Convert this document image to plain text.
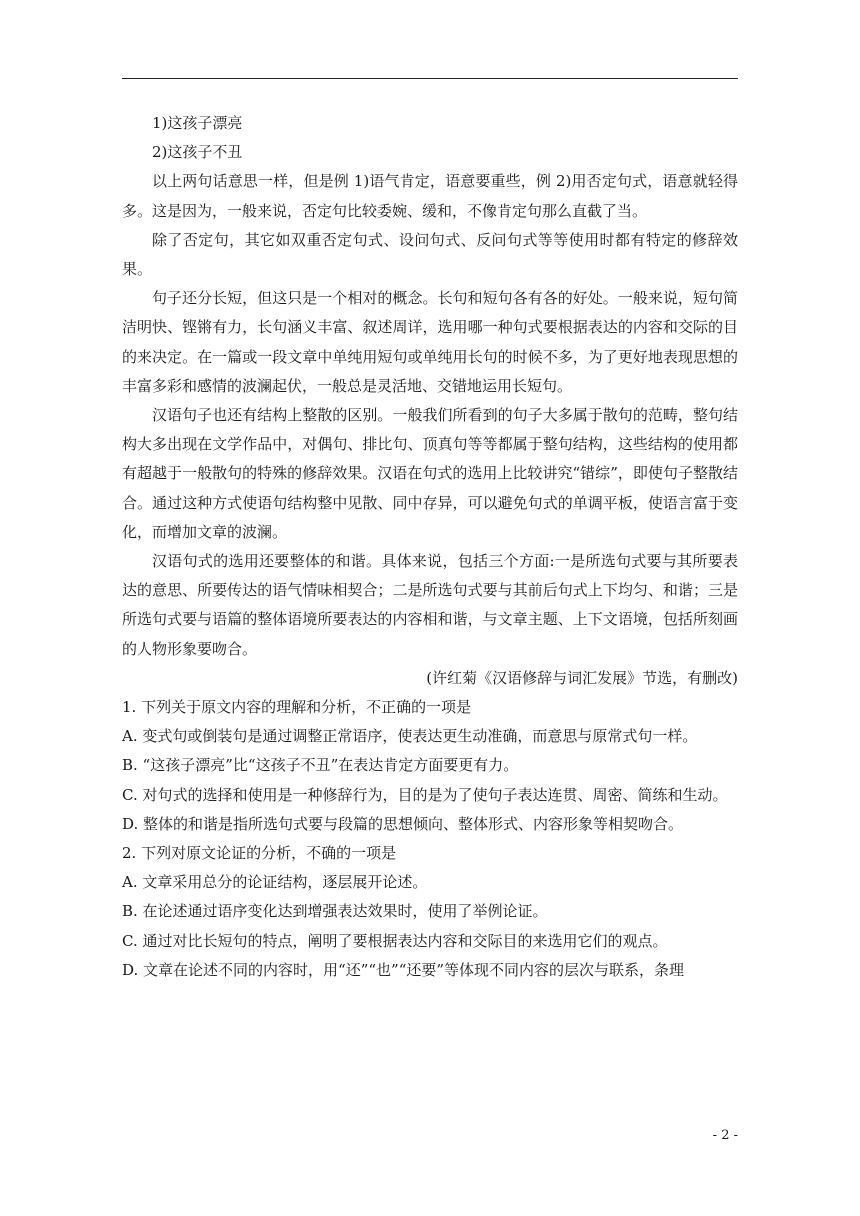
1)这孩子漂亮

2)这孩子不丑

以上两句话意思一样，但是例 1)语气肯定，语意要重些，例 2)用否定句式，语意就轻得多。这是因为，一般来说，否定句比较委婉、缓和，不像肯定句那么直截了当。

除了否定句，其它如双重否定句式、设问句式、反问句式等等使用时都有特定的修辞效果。

句子还分长短，但这只是一个相对的概念。长句和短句各有各的好处。一般来说，短句简洁明快、铿锵有力，长句涵义丰富、叙述周详，选用哪一种句式要根据表达的内容和交际的目的来决定。在一篇或一段文章中单纯用短句或单纯用长句的时候不多，为了更好地表现思想的丰富多彩和感情的波澜起伏，一般总是灵活地、交错地运用长短句。

汉语句子也还有结构上整散的区别。一般我们所看到的句子大多属于散句的范畴，整句结构大多出现在文学作品中，对偶句、排比句、顶真句等等都属于整句结构，这些结构的使用都有超越于一般散句的特殊的修辞效果。汉语在句式的选用上比较讲究“错综”，即使句子整散结合。通过这种方式使语句结构整中见散、同中存异，可以避免句式的单调平板，使语言富于变化，而增加文章的波澜。

汉语句式的选用还要整体的和谐。具体来说，包括三个方面:一是所选句式要与其所要表达的意思、所要传达的语气情味相契合；二是所选句式要与其前后句式上下均匀、和谐；三是所选句式要与语篇的整体语境所要表达的内容相和谐，与文章主题、上下文语境，包括所刻画的人物形象要吻合。

(许红菊《汉语修辞与词汇发展》节选，有删改)

1. 下列关于原文内容的理解和分析，不正确的一项是

A. 变式句或倒装句是通过调整正常语序，使表达更生动准确，而意思与原常式句一样。

B. “这孩子漂亮”比“这孩子不丑”在表达肯定方面要更有力。

C. 对句式的选择和使用是一种修辞行为，目的是为了使句子表达连贯、周密、简练和生动。

D. 整体的和谐是指所选句式要与段篇的思想倾向、整体形式、内容形象等相契吻合。

2. 下列对原文论证的分析，不确的一项是

A. 文章采用总分的论证结构，逐层展开论述。

B. 在论述通过语序变化达到增强表达效果时，使用了举例论证。

C. 通过对比长短句的特点，阐明了要根据表达内容和交际目的来选用它们的观点。

D. 文章在论述不同的内容时，用“还”“也”“还要”等体现不同内容的层次与联系，条理

- 2 -
